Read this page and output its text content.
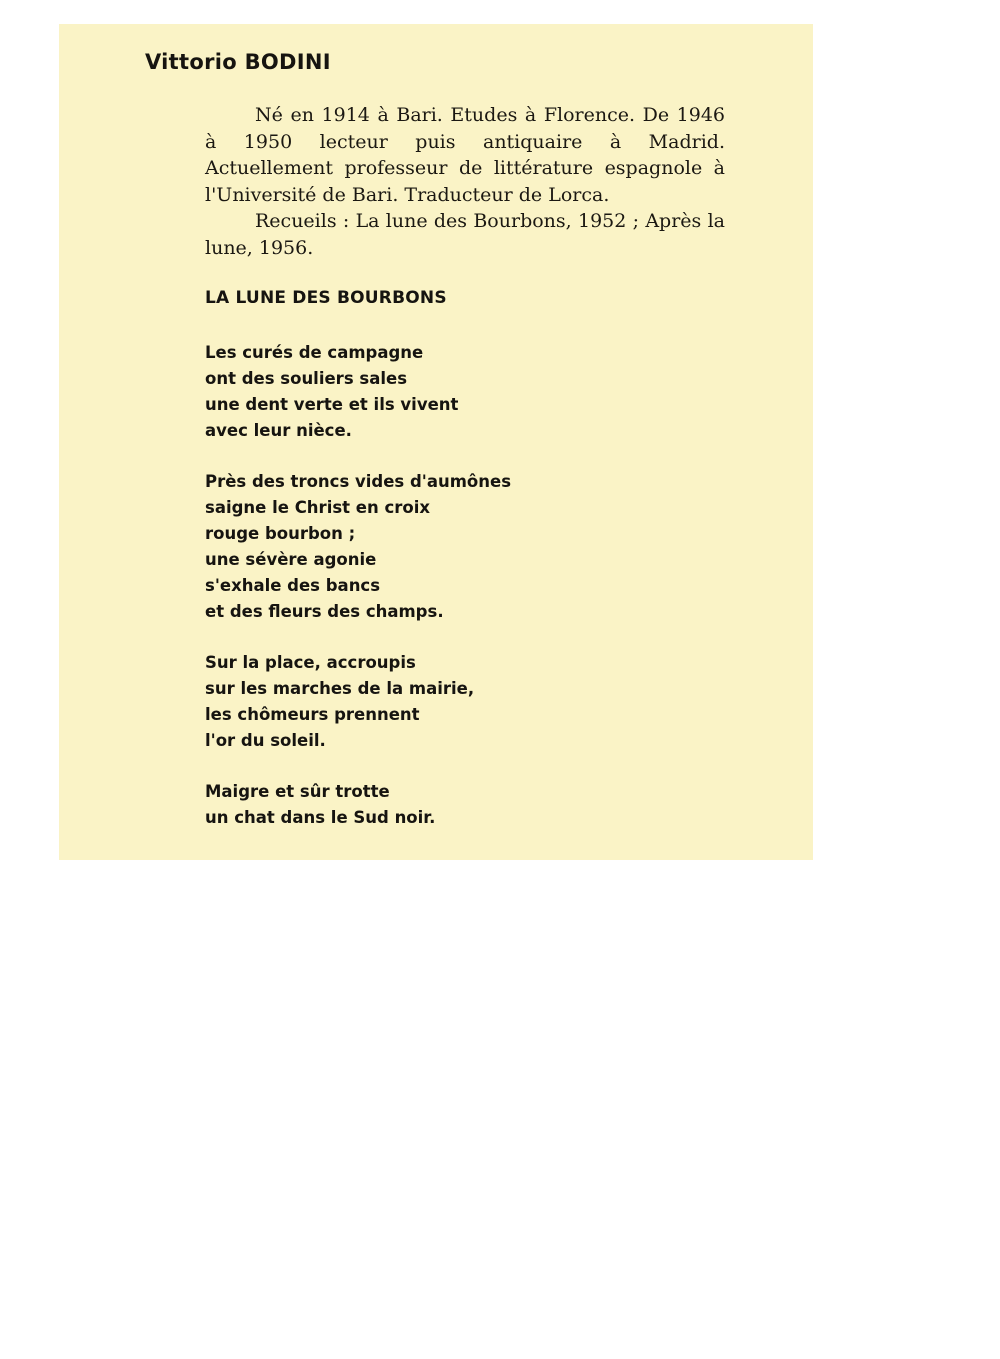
Vittorio BODINI

Né en 1914 à Bari. Etudes à Florence. De 1946 à 1950 lecteur puis antiquaire à Madrid. Actuellement professeur de littérature espagnole à l'Université de Bari. Traducteur de Lorca.

Recueils : La lune des Bourbons, 1952 ; Après la lune, 1956.

LA LUNE DES BOURBONS
Les curés de campagne
ont des souliers sales
une dent verte et ils vivent
avec leur nièce.
Près des troncs vides d'aumônes
saigne le Christ en croix
rouge bourbon ;
une sévère agonie
s'exhale des bancs
et des fleurs des champs.
Sur la place, accroupis
sur les marches de la mairie,
les chômeurs prennent
l'or du soleil.
Maigre et sûr trotte
un chat dans le Sud noir.
